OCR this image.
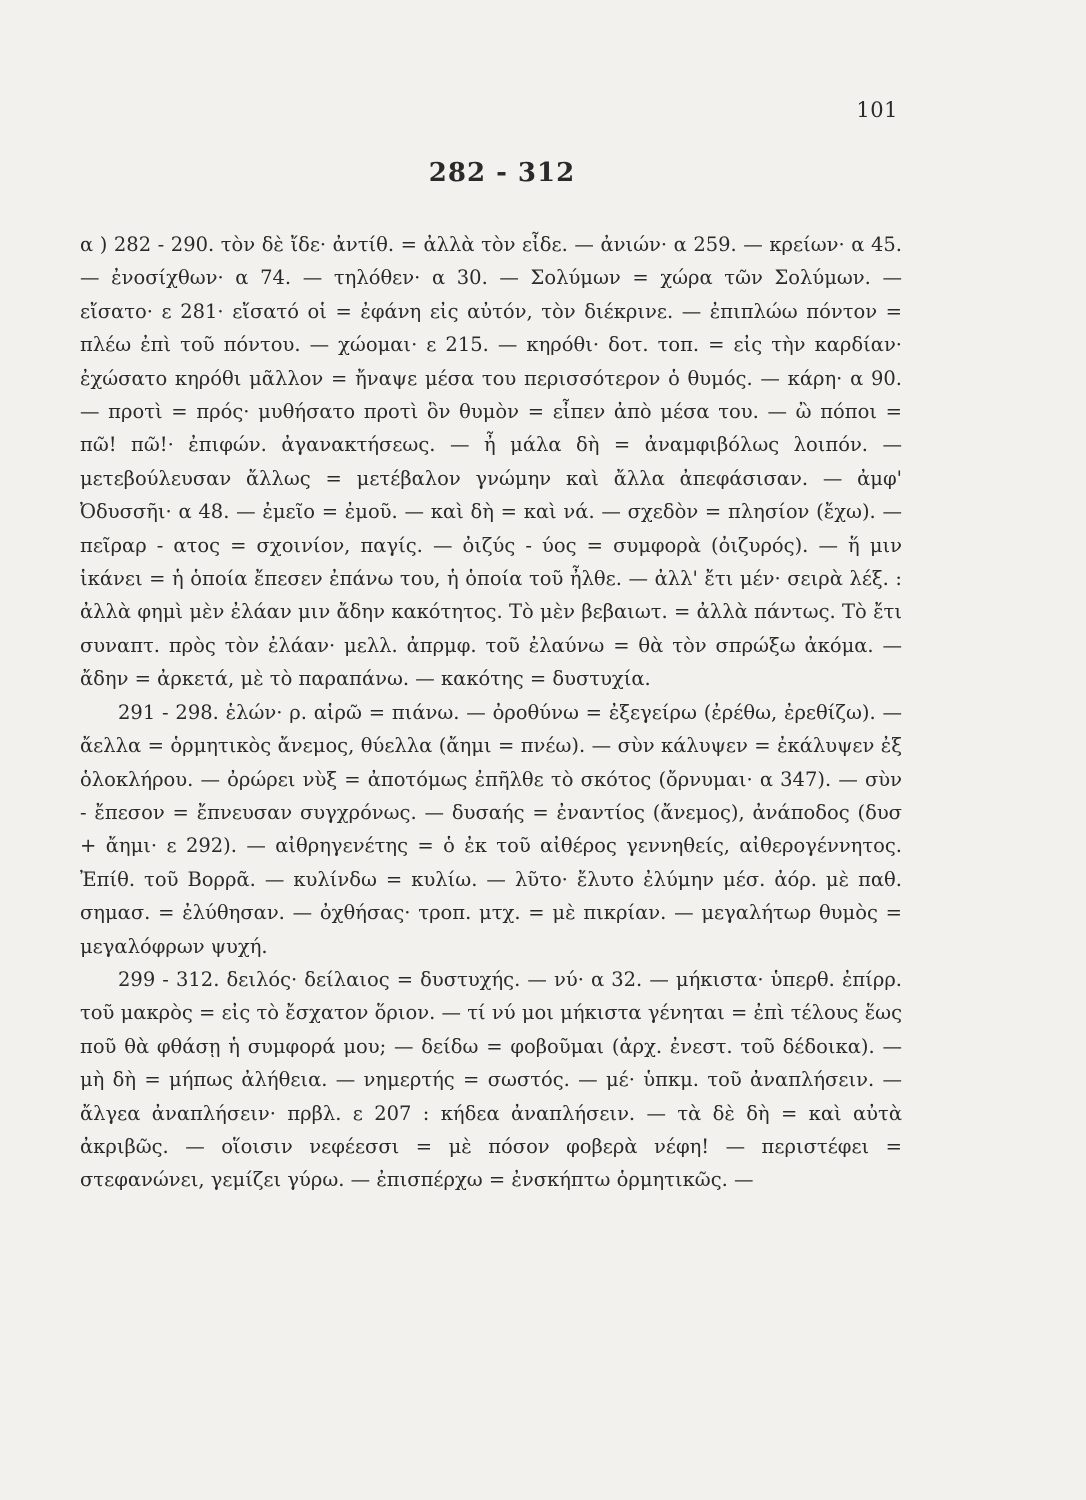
101
282 - 312

α ) 282 - 290. τὸν δὲ ἴδε· ἀντίθ. = ἀλλὰ τὸν εἶδε. — ἀνιών· α 259. — κρείων· α 45. — ἐνοσίχθων· α 74. — τηλόθεν· α 30. — Σολύμων = χώρα τῶν Σολύμων. — εἴσατο· ε 281· εἴσατό οἱ = ἐφάνη εἰς αὐτόν, τὸν διέκρινε. — ἐπιπλώω πόντον = πλέω ἐπὶ τοῦ πόντου. — χώομαι· ε 215. — κηρόθι· δοτ. τοπ. = εἰς τὴν καρδίαν· ἐχώσατο κηρόθι μᾶλλον = ἤναψε μέσα του περισσότερον ὁ θυμός. — κάρη· α 90. — προτὶ = πρός· μυθήσατο προτὶ ὃν θυμὸν = εἶπεν ἀπὸ μέσα του. — ὢ πόποι = πῶ! πῶ!· ἐπιφών. ἀγανακτήσεως. — ἦ μάλα δὴ = ἀναμφιβόλως λοιπόν. — μετεβούλευσαν ἄλλως = μετέβαλον γνώμην καὶ ἄλλα ἀπεφάσισαν. — ἀμφ' Ὀδυσσῆι· α 48. — ἐμεῖο = ἐμοῦ. — καὶ δὴ = καὶ νά. — σχεδὸν = πλησίον (ἔχω). — πεῖραρ - ατος = σχοινίον, παγίς. — ὀιζύς - ύος = συμφορὰ (ὀιζυρός). — ἥ μιν ἱκάνει = ἡ ὁποία ἔπεσεν ἐπάνω του, ἡ ὁποία τοῦ ἦλθε. — ἀλλ' ἔτι μέν· σειρὰ λέξ. : ἀλλὰ φημὶ μὲν ἐλάαν μιν ἄδην κακότητος. Τὸ μὲν βεβαιωτ. = ἀλλὰ πάντως. Τὸ ἔτι συναπτ. πρὸς τὸν ἐλάαν· μελλ. ἀπρμφ. τοῦ ἐλαύνω = θὰ τὸν σπρώξω ἀκόμα. — ἄδην = ἀρκετά, μὲ τὸ παραπάνω. — κακότης = δυστυχία.

291 - 298. ἑλών· ρ. αἱρῶ = πιάνω. — ὀροθύνω = ἐξεγείρω (ἐρέθω, ἐρεθίζω). — ἄελλα = ὁρμητικὸς ἄνεμος, θύελλα (ἄημι = πνέω). — σὺν κάλυψεν = ἐκάλυψεν ἐξ ὁλοκλήρου. — ὀρώρει νὺξ = ἀποτόμως ἐπῆλθε τὸ σκότος (ὄρνυμαι· α 347). — σὺν - ἔπεσον = ἔπνευσαν συγχρόνως. — δυσαής = ἐναντίος (ἄνεμος), ἀνάποδος (δυσ + ἄημι· ε 292). — αἰθρηγενέτης = ὁ ἐκ τοῦ αἰθέρος γεννηθείς, αἰθερογέννητος. Ἐπίθ. τοῦ Βορρᾶ. — κυλίνδω = κυλίω. — λῦτο· ἔλυτο ἐλύμην μέσ. ἀόρ. μὲ παθ. σημασ. = ἐλύθησαν. — ὀχθήσας· τροπ. μτχ. = μὲ πικρίαν. — μεγαλήτωρ θυμὸς = μεγαλόφρων ψυχή.

299 - 312. δειλός· δείλαιος = δυστυχής. — νύ· α 32. — μήκιστα· ὑπερθ. ἐπίρρ. τοῦ μακρὸς = εἰς τὸ ἔσχατον ὅριον. — τί νύ μοι μήκιστα γένηται = ἐπὶ τέλους ἕως ποῦ θὰ φθάσῃ ἡ συμφορά μου; — δείδω = φοβοῦμαι (ἀρχ. ἐνεστ. τοῦ δέδοικα). — μὴ δὴ = μήπως ἀλήθεια. — νημερτής = σωστός. — μέ· ὑπκμ. τοῦ ἀναπλήσειν. — ἄλγεα ἀναπλήσειν· πρβλ. ε 207 : κήδεα ἀναπλήσειν. — τὰ δὲ δὴ = καὶ αὐτὰ ἀκριβῶς. — οἵοισιν νεφέεσσι = μὲ πόσον φοβερὰ νέφη! — περιστέφει = στεφανώνει, γεμίζει γύρω. — ἐπισπέρχω = ἐνσκήπτω ὁρμητικῶς. —
